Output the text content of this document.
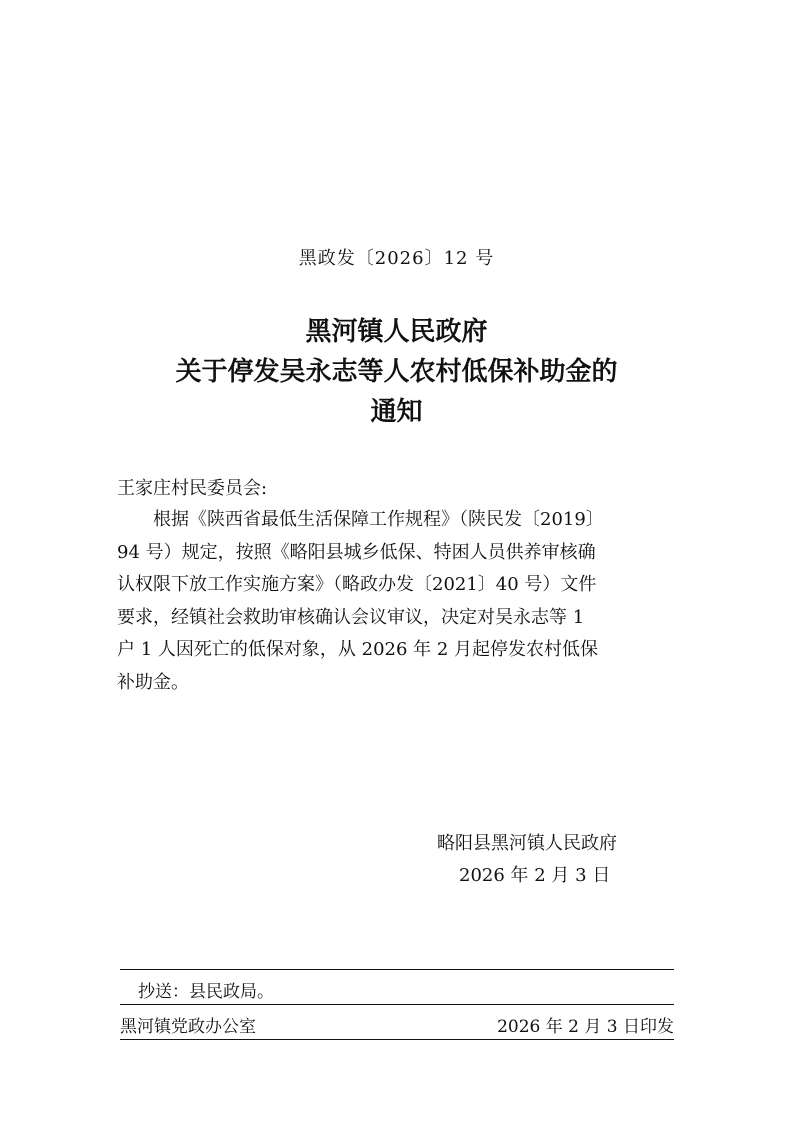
黑政发〔2026〕12 号
黑河镇人民政府
关于停发吴永志等人农村低保补助金的
通知
王家庄村民委员会:
根据《陕西省最低生活保障工作规程》（陕民发〔2019〕
94 号）规定，按照《略阳县城乡低保、特困人员供养审核确
认权限下放工作实施方案》（略政办发〔2021〕40 号）文件
要求，经镇社会救助审核确认会议审议，决定对吴永志等 1
户 1 人因死亡的低保对象，从 2026 年 2 月起停发农村低保
补助金。
略阳县黑河镇人民政府
2026 年 2 月 3 日
抄送：县民政局。
黑河镇党政办公室	2026 年 2 月 3 日印发
